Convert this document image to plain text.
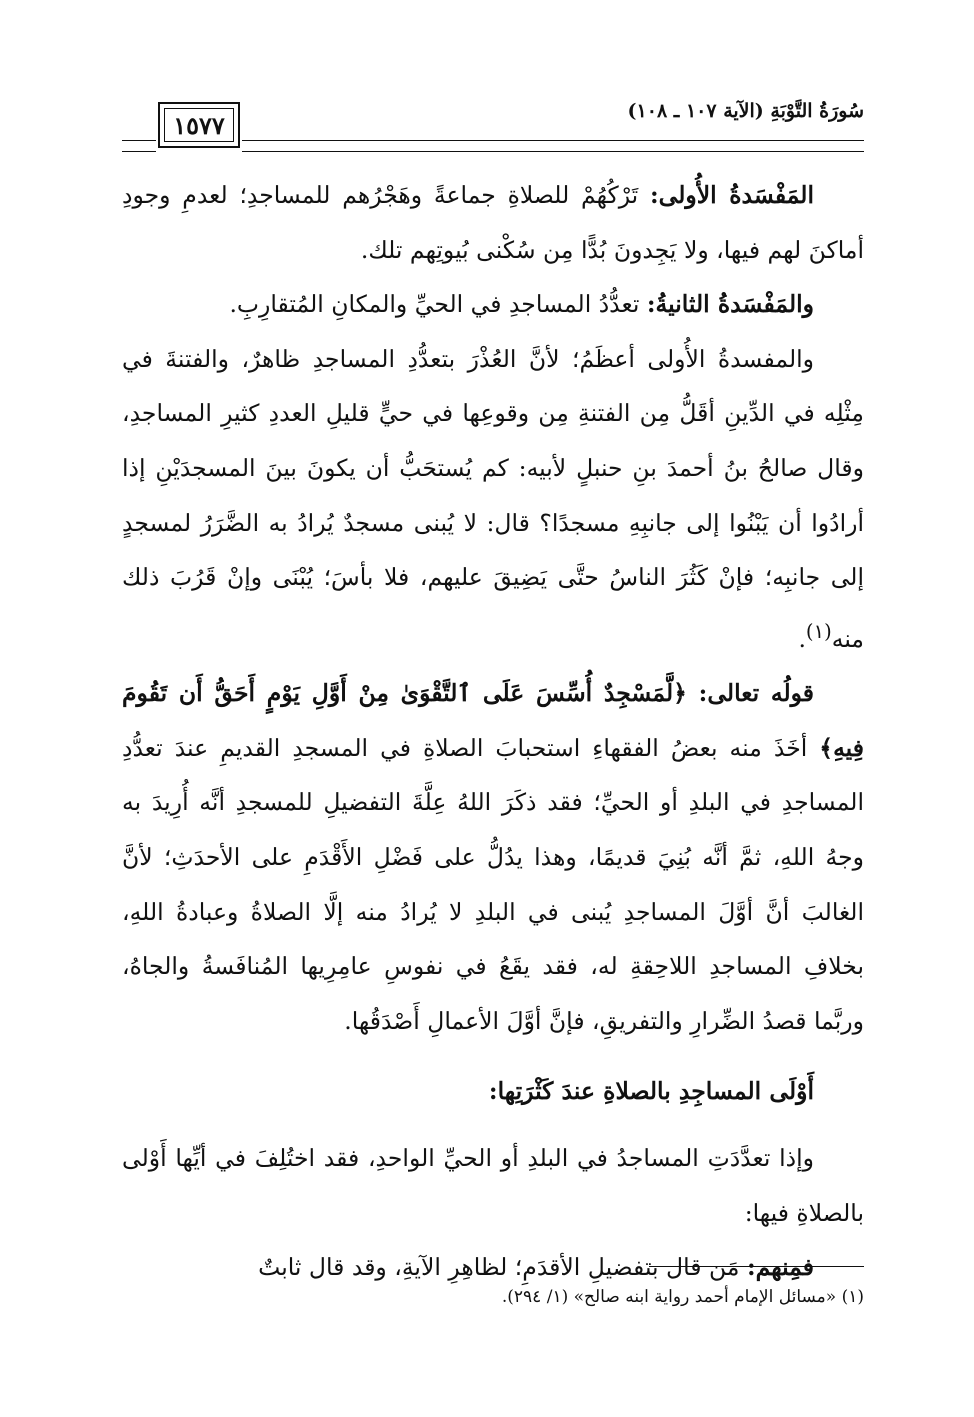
سُورَةُ التَّوْبَةِ (الآية ١٠٧ ـ ١٠٨)
١٥٧٧

المَفْسَدةُ الأُولى: تَرْكُهُمْ للصلاةِ جماعةً وهَجْرُهم للمساجدِ؛ لعدمِ وجودِ أماكنَ لهم فيها، ولا يَجِدونَ بُدًّا مِن سُكْنى بُيوتِهم تلك.

والمَفْسَدةُ الثانيةُ: تعدُّدُ المساجدِ في الحيِّ والمكانِ المُتقارِبِ.

والمفسدةُ الأُولى أعظَمُ؛ لأنَّ العُذْرَ بتعدُّدِ المساجدِ ظاهرٌ، والفتنةَ في مِثْلِه في الدِّينِ أقَلُّ مِن الفتنةِ مِن وقوعِها في حيٍّ قليلِ العددِ كثيرِ المساجدِ، وقال صالحُ بنُ أحمدَ بنِ حنبلٍ لأبيه: كم يُستحَبُّ أن يكونَ بينَ المسجدَيْنِ إذا أرادُوا أن يَبْنُوا إلى جانبِهِ مسجدًا؟ قال: لا يُبنى مسجدٌ يُرادُ به الضَّرَرُ لمسجدٍ إلى جانبِه؛ فإنْ كَثُرَ الناسُ حتَّى يَضِيقَ عليهم، فلا بأسَ؛ يُبْنَى وإنْ قَرُبَ ذلك منه$^{(١)}$.

قولُه تعالى: ﴿لَّمَسْجِدٌ أُسِّسَ عَلَى ٱلتَّقْوَىٰ مِنْ أَوَّلِ يَوْمٍ أَحَقُّ أَن تَقُومَ فِيهِ﴾ أخَذَ منه بعضُ الفقهاءِ استحبابَ الصلاةِ في المسجدِ القديمِ عندَ تعدُّدِ المساجدِ في البلدِ أو الحيِّ؛ فقد ذكَرَ اللهُ عِلَّةَ التفضيلِ للمسجدِ أنَّه أُرِيدَ به وجهُ اللهِ، ثمَّ أنَّه بُنِيَ قديمًا، وهذا يدُلُّ على فَضْلِ الأَقْدَمِ على الأحدَثِ؛ لأنَّ الغالبَ أنَّ أوَّلَ المساجدِ يُبنى في البلدِ لا يُرادُ منه إلَّا الصلاةُ وعبادةُ اللهِ، بخلافِ المساجدِ اللاحِقةِ له، فقد يقَعُ في نفوسِ عامِرِيها المُنافَسةُ والجاهُ، وربَّما قصدُ الضِّرارِ والتفريقِ، فإنَّ أوَّلَ الأعمالِ أَصْدَقُها.

أَوْلَى المساجِدِ بالصلاةِ عندَ كَثْرَتِها:

وإذا تعدَّدَتِ المساجدُ في البلدِ أو الحيِّ الواحدِ، فقد اختُلِفَ في أيِّها أَوْلى بالصلاةِ فيها:

فمِنهم: مَن قال بتفضيلِ الأقدَمِ؛ لظاهِرِ الآيةِ، وقد قال ثابتٌ

(١) «مسائل الإمام أحمد رواية ابنه صالح» (١/ ٢٩٤).
